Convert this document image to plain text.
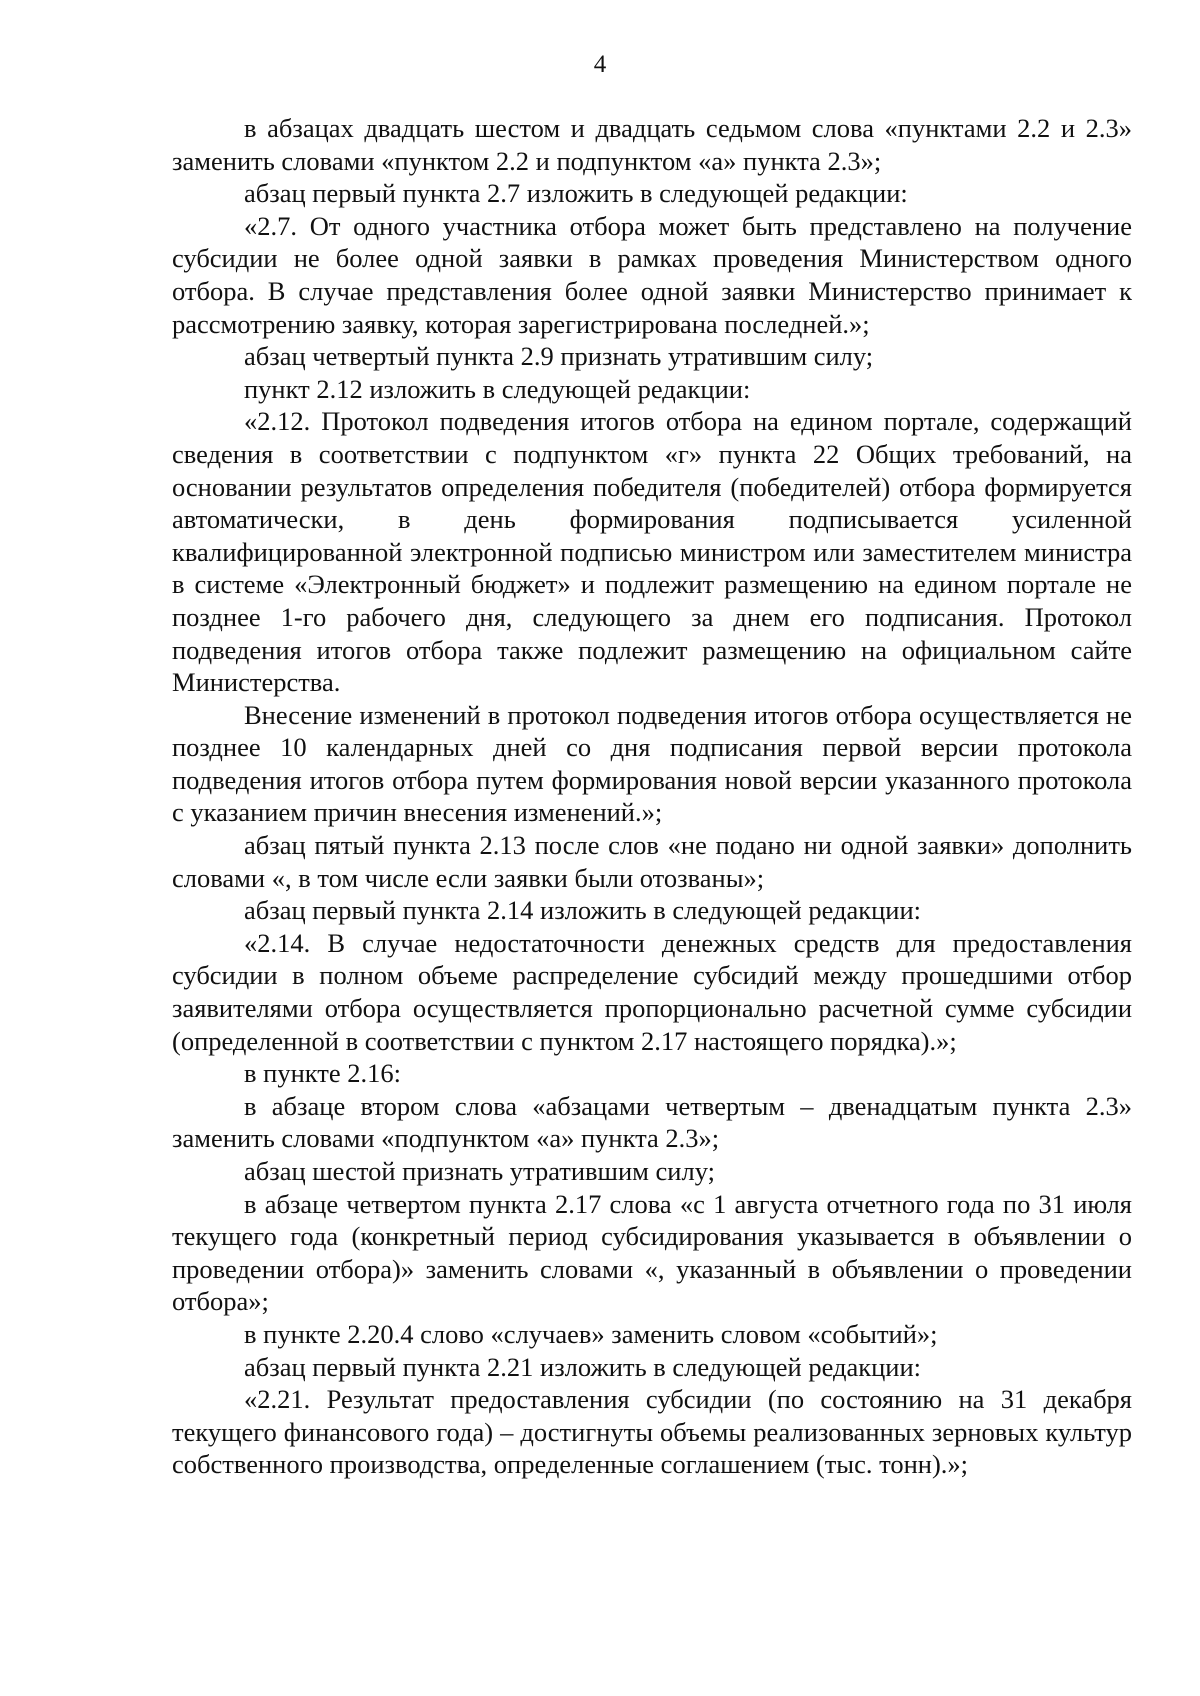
4

в абзацах двадцать шестом и двадцать седьмом слова «пунктами 2.2 и 2.3» заменить словами «пунктом 2.2 и подпунктом «а» пункта 2.3»;

абзац первый пункта 2.7 изложить в следующей редакции:

«2.7. От одного участника отбора может быть представлено на получение субсидии не более одной заявки в рамках проведения Министерством одного отбора. В случае представления более одной заявки Министерство принимает к рассмотрению заявку, которая зарегистрирована последней.»;

абзац четвертый пункта 2.9 признать утратившим силу;

пункт 2.12 изложить в следующей редакции:

«2.12. Протокол подведения итогов отбора на едином портале, содержащий сведения в соответствии с подпунктом «г» пункта 22 Общих требований, на основании результатов определения победителя (победителей) отбора формируется автоматически, в день формирования подписывается усиленной квалифицированной электронной подписью министром или заместителем министра в системе «Электронный бюджет» и подлежит размещению на едином портале не позднее 1-го рабочего дня, следующего за днем его подписания. Протокол подведения итогов отбора также подлежит размещению на официальном сайте Министерства.

Внесение изменений в протокол подведения итогов отбора осуществляется не позднее 10 календарных дней со дня подписания первой версии протокола подведения итогов отбора путем формирования новой версии указанного протокола с указанием причин внесения изменений.»;

абзац пятый пункта 2.13 после слов «не подано ни одной заявки» дополнить словами «, в том числе если заявки были отозваны»;

абзац первый пункта 2.14 изложить в следующей редакции:

«2.14. В случае недостаточности денежных средств для предоставления субсидии в полном объеме распределение субсидий между прошедшими отбор заявителями отбора осуществляется пропорционально расчетной сумме субсидии (определенной в соответствии с пунктом 2.17 настоящего порядка).»;

в пункте 2.16:

в абзаце втором слова «абзацами четвертым – двенадцатым пункта 2.3» заменить словами «подпунктом «а» пункта 2.3»;

абзац шестой признать утратившим силу;

в абзаце четвертом пункта 2.17 слова «с 1 августа отчетного года по 31 июля текущего года (конкретный период субсидирования указывается в объявлении о проведении отбора)» заменить словами «, указанный в объявлении о проведении отбора»;

в пункте 2.20.4 слово «случаев» заменить словом «событий»;

абзац первый пункта 2.21 изложить в следующей редакции:

«2.21. Результат предоставления субсидии (по состоянию на 31 декабря текущего финансового года) – достигнуты объемы реализованных зерновых культур собственного производства, определенные соглашением (тыс. тонн).»;
